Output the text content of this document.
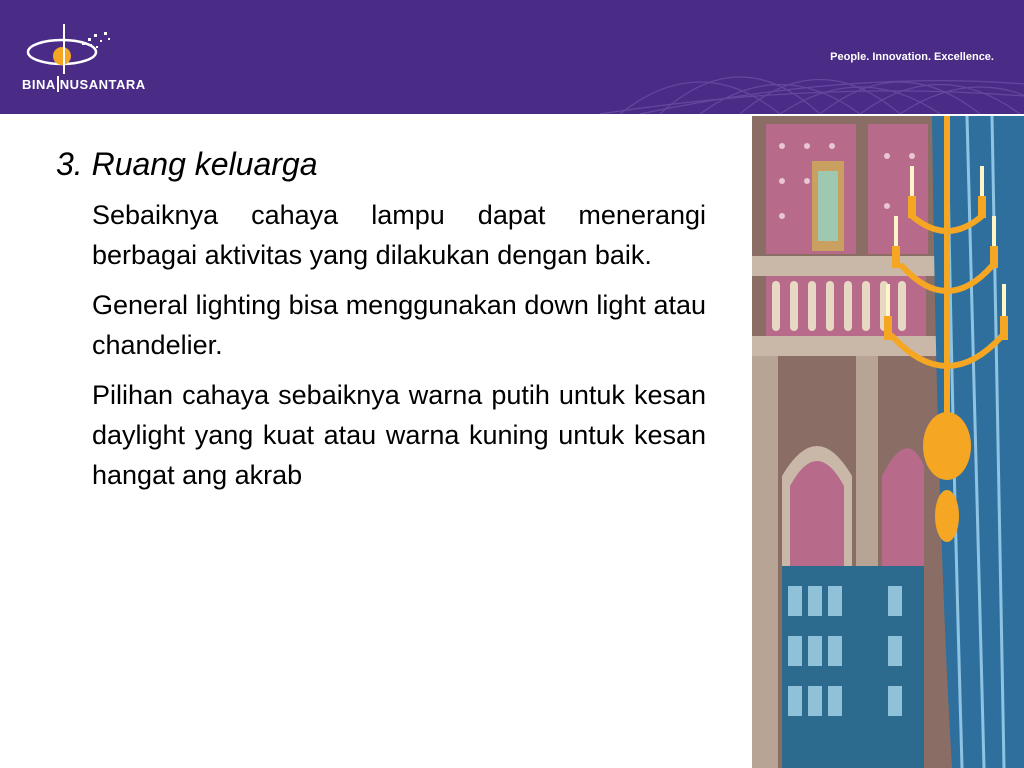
BINA NUSANTARA
People. Innovation. Excellence.
3. Ruang keluarga

Sebaiknya cahaya lampu dapat menerangi berbagai aktivitas yang dilakukan dengan baik.

General lighting bisa menggunakan down light atau chandelier.

Pilihan cahaya sebaiknya warna putih untuk kesan daylight yang kuat atau warna kuning untuk kesan hangat ang akrab
